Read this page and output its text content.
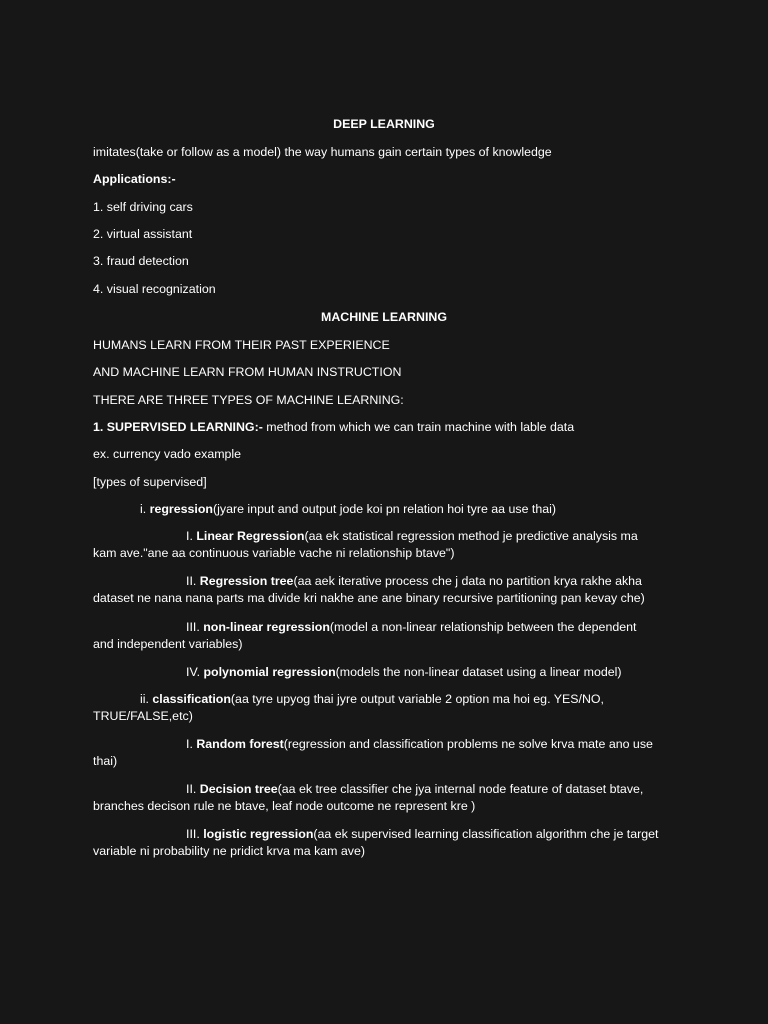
DEEP LEARNING
imitates(take or follow as a model) the way humans gain certain types of knowledge
Applications:-
1. self driving cars
2. virtual assistant
3. fraud detection
4. visual recognization
MACHINE LEARNING
HUMANS LEARN FROM THEIR PAST EXPERIENCE
AND MACHINE LEARN FROM HUMAN INSTRUCTION
THERE ARE THREE TYPES OF MACHINE LEARNING:
1. SUPERVISED LEARNING:- method from which we can train machine with lable data
ex. currency vado example
[types of supervised]
i. regression(jyare input and output jode koi pn relation hoi tyre aa use thai)
I. Linear Regression(aa ek statistical regression method je predictive analysis ma
kam ave."ane aa continuous variable vache ni relationship btave")
II. Regression tree(aa aek iterative process che j data no partition krya rakhe akha
dataset ne nana nana parts ma divide kri nakhe ane ane binary recursive partitioning pan kevay che)
III. non-linear regression(model a non-linear relationship between the dependent
and independent variables)
IV. polynomial regression(models the non-linear dataset using a linear model)
ii. classification(aa tyre upyog thai jyre output variable 2 option ma hoi eg. YES/NO,
TRUE/FALSE,etc)
I. Random forest(regression and classification problems ne solve krva mate ano use
thai)
II. Decision tree(aa ek tree classifier che jya internal node feature of dataset btave,
branches decison rule ne btave, leaf node outcome ne represent kre )
III. logistic regression(aa ek supervised learning classification algorithm che je target
variable ni probability ne pridict krva ma kam ave)
